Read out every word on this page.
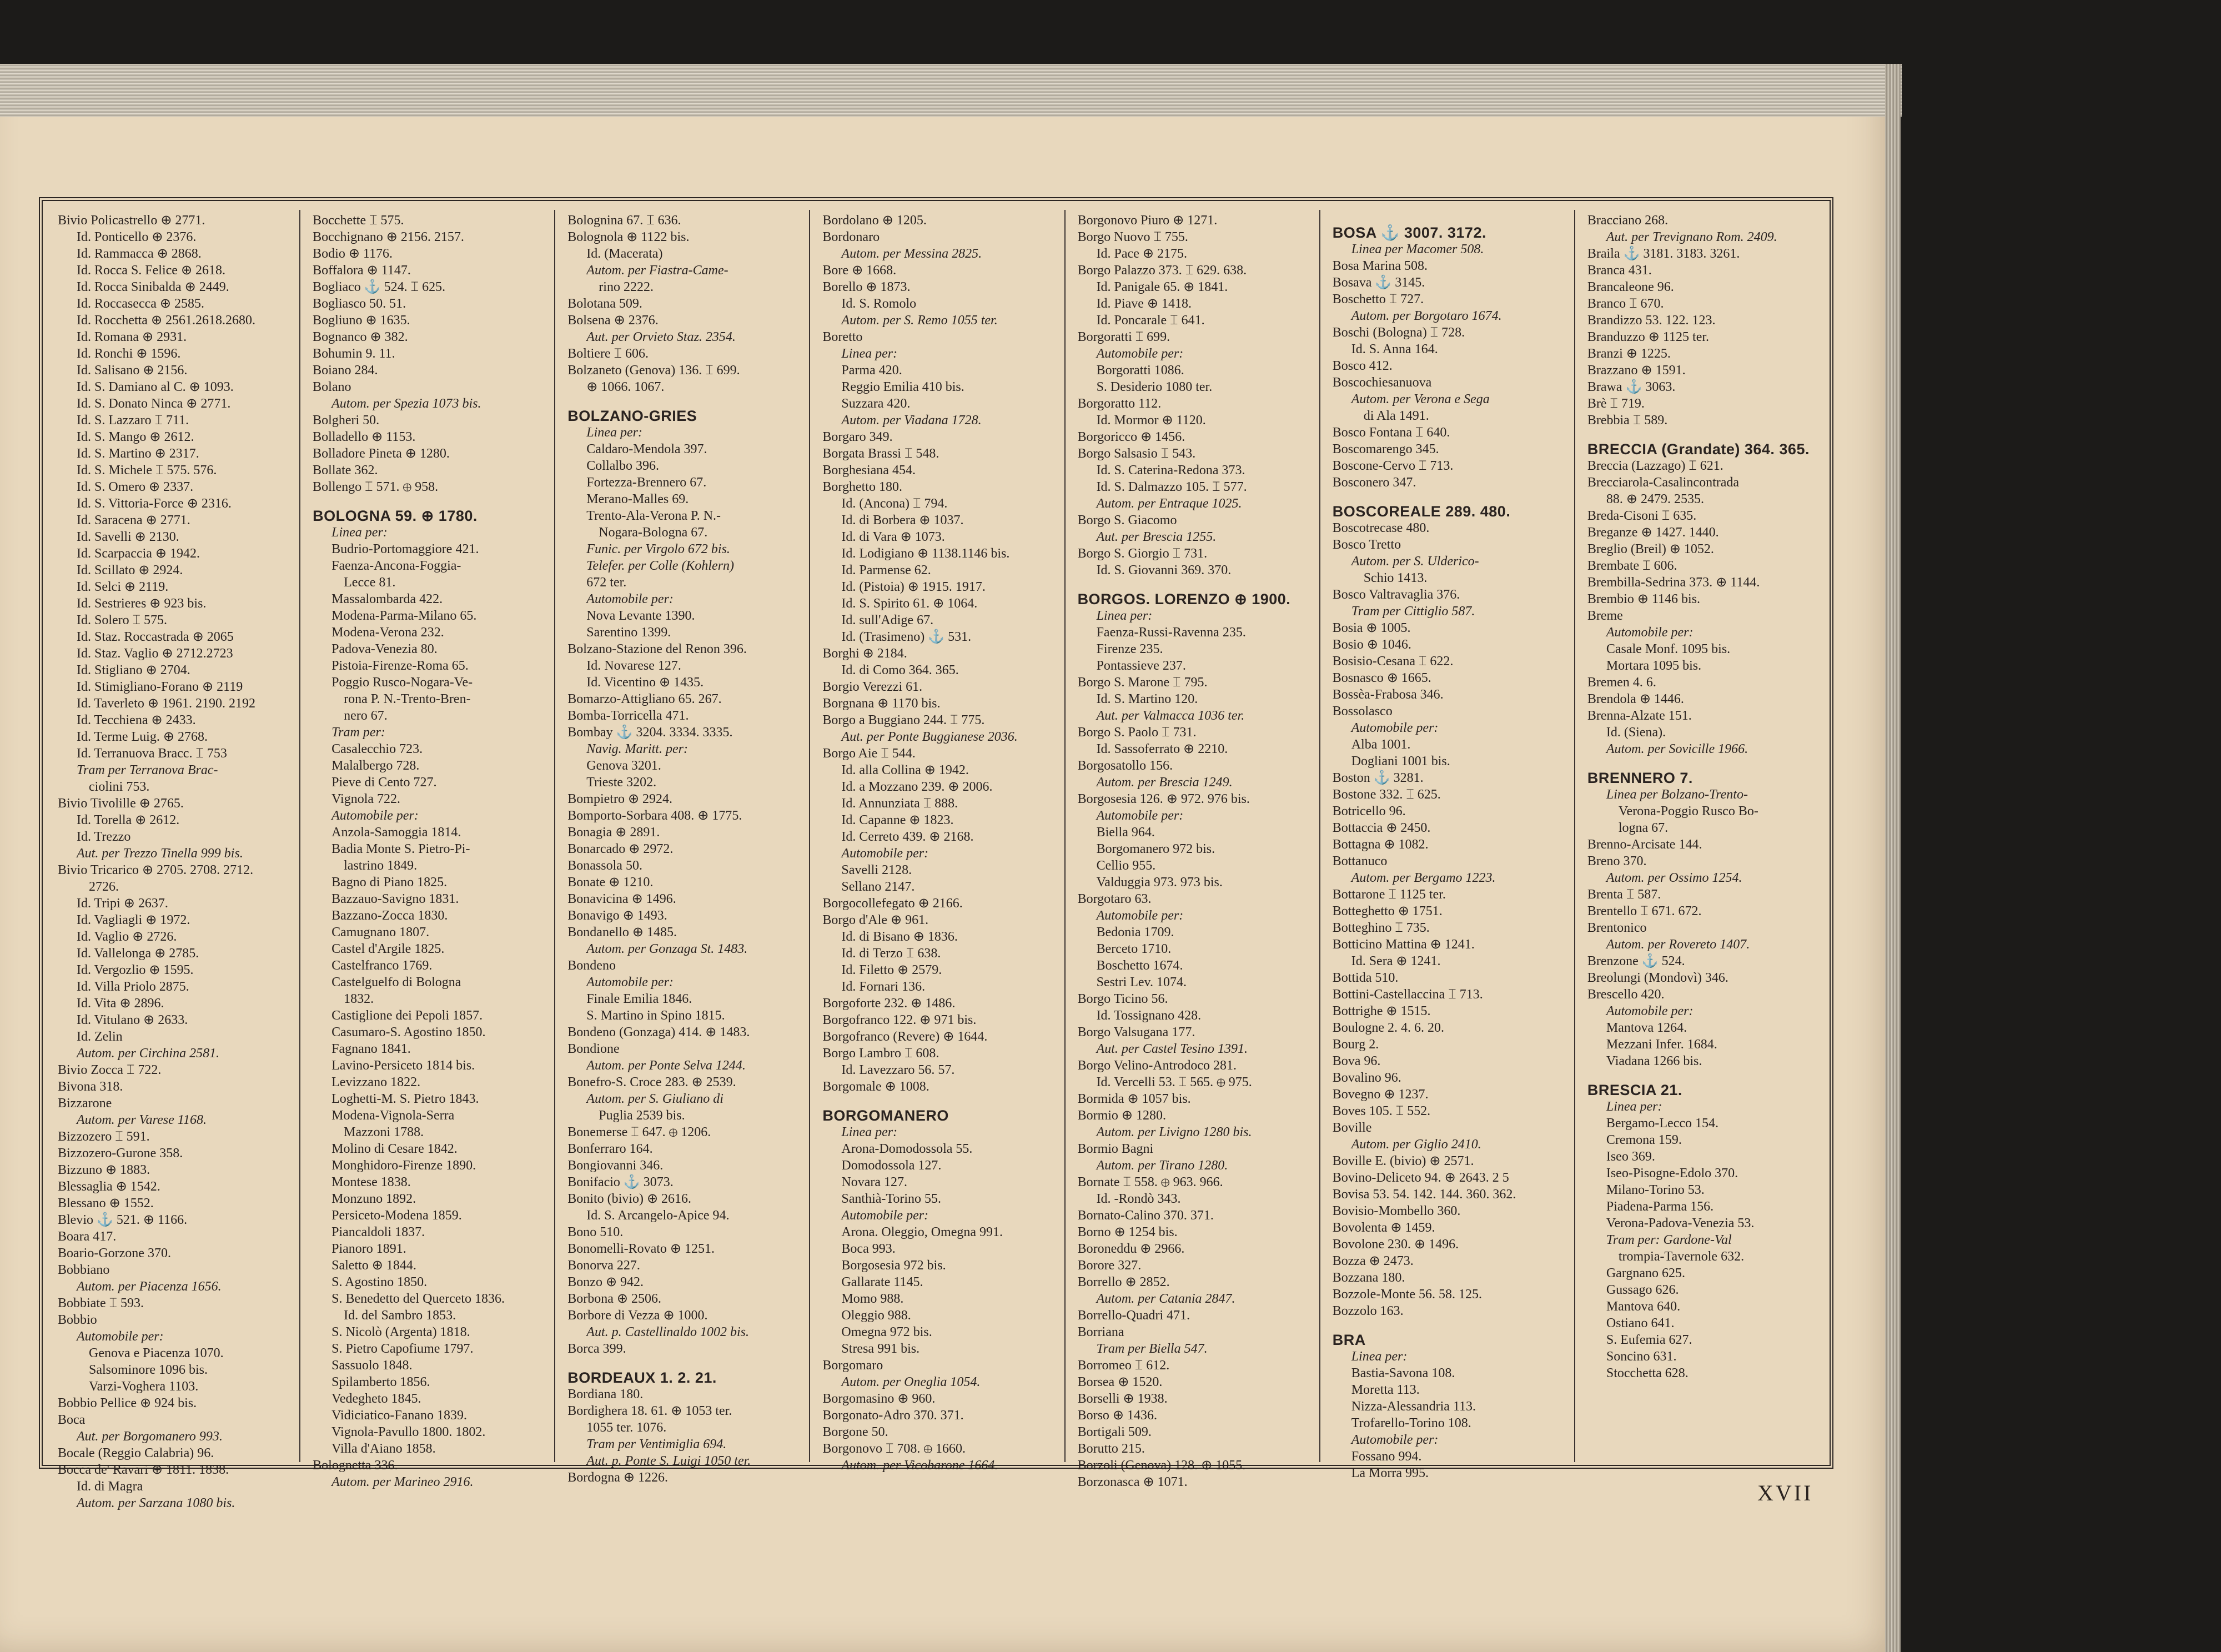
Bivio Policastrello ⊕ 2771.
Id. Ponticello ⊕ 2376.
Id. Rammacca ⊕ 2868.
Id. Rocca S. Felice ⊕ 2618.
Id. Rocca Sinibalda ⊕ 2449.
Id. Roccasecca ⊕ 2585.
Id. Rocchetta ⊕ 2561.2618.2680.
Id. Romana ⊕ 2931.
Id. Ronchi ⊕ 1596.
Id. Salisano ⊕ 2156.
Id. S. Damiano al C. ⊕ 1093.
Id. S. Donato Ninca ⊕ 2771.
Id. S. Lazzaro ⌶ 711.
Id. S. Mango ⊕ 2612.
Id. S. Martino ⊕ 2317.
Id. S. Michele ⌶ 575. 576.
Id. S. Omero ⊕ 2337.
Id. S. Vittoria-Force ⊕ 2316.
Id. Saracena ⊕ 2771.
Id. Savelli ⊕ 2130.
Id. Scarpaccia ⊕ 1942.
Id. Scillato ⊕ 2924.
Id. Selci ⊕ 2119.
Id. Sestrieres ⊕ 923 bis.
Id. Solero ⌶ 575.
Id. Staz. Roccastrada ⊕ 2065
Id. Staz. Vaglio ⊕ 2712.2723
Id. Stigliano ⊕ 2704.
Id. Stimigliano-Forano ⊕ 2119
Id. Taverleto ⊕ 1961. 2190. 2192
Id. Tecchiena ⊕ 2433.
Id. Terme Luig. ⊕ 2768.
Id. Terranuova Bracc. ⌶ 753
Tram per Terranova Brac-
ciolini 753.
Bivio Tivolille ⊕ 2765.
Id. Torella ⊕ 2612.
Id. Trezzo
Aut. per Trezzo Tinella 999 bis.
Bivio Tricarico ⊕ 2705. 2708. 2712.
2726.
Id. Tripi ⊕ 2637.
Id. Vagliagli ⊕ 1972.
Id. Vaglio ⊕ 2726.
Id. Vallelonga ⊕ 2785.
Id. Vergozlio ⊕ 1595.
Id. Villa Priolo 2875.
Id. Vita ⊕ 2896.
Id. Vitulano ⊕ 2633.
Id. Zelin
Autom. per Circhina 2581.
Bivio Zocca ⌶ 722.
Bivona 318.
Bizzarone
Autom. per Varese 1168.
Bizzozero ⌶ 591.
Bizzozero-Gurone 358.
Bizzuno ⊕ 1883.
Blessaglia ⊕ 1542.
Blessano ⊕ 1552.
Blevio ⚓ 521. ⊕ 1166.
Boara 417.
Boario-Gorzone 370.
Bobbiano
Autom. per Piacenza 1656.
Bobbiate ⌶ 593.
Bobbio
Automobile per:
Genova e Piacenza 1070.
Salsominore 1096 bis.
Varzi-Voghera 1103.
Bobbio Pellice ⊕ 924 bis.
Boca
Aut. per Borgomanero 993.
Bocale (Reggio Calabria) 96.
Bocca de' Ravari ⊕ 1811. 1838.
Id. di Magra
Autom. per Sarzana 1080 bis.
Bocchette ⌶ 575.
Bocchignano ⊕ 2156. 2157.
Bodio ⊕ 1176.
Boffalora ⊕ 1147.
Bogliaco ⚓ 524. ⌶ 625.
Bogliasco 50. 51.
Bogliuno ⊕ 1635.
Bognanco ⊕ 382.
Bohumin 9. 11.
Boiano 284.
Bolano
Autom. per Spezia 1073 bis.
Bolgheri 50.
Bolladello ⊕ 1153.
Bolladore Pineta ⊕ 1280.
Bollate 362.
Bollengo ⌶ 571. ⊕ 958.
BOLOGNA 59. ⊕ 1780.
Linea per:
Budrio-Portomaggiore 421.
Faenza-Ancona-Foggia-
Lecce 81.
Massalombarda 422.
Modena-Parma-Milano 65.
Modena-Verona 232.
Padova-Venezia 80.
Pistoia-Firenze-Roma 65.
Poggio Rusco-Nogara-Ve-
rona P. N.-Trento-Bren-
nero 67.
Tram per:
Casalecchio 723.
Malalbergo 728.
Pieve di Cento 727.
Vignola 722.
Automobile per:
Anzola-Samoggia 1814.
Badia Monte S. Pietro-Pi-
lastrino 1849.
Bagno di Piano 1825.
Bazzauo-Savigno 1831.
Bazzano-Zocca 1830.
Camugnano 1807.
Castel d'Argile 1825.
Castelfranco 1769.
Castelguelfo di Bologna
1832.
Castiglione dei Pepoli 1857.
Casumaro-S. Agostino 1850.
Fagnano 1841.
Lavino-Persiceto 1814 bis.
Levizzano 1822.
Loghetti-M. S. Pietro 1843.
Modena-Vignola-Serra
Mazzoni 1788.
Molino di Cesare 1842.
Monghidoro-Firenze 1890.
Montese 1838.
Monzuno 1892.
Persiceto-Modena 1859.
Piancaldoli 1837.
Pianoro 1891.
Saletto ⊕ 1844.
S. Agostino 1850.
S. Benedetto del Querceto 1836.
Id. del Sambro 1853.
S. Nicolò (Argenta) 1818.
S. Pietro Capofiume 1797.
Sassuolo 1848.
Spilamberto 1856.
Vedegheto 1845.
Vidiciatico-Fanano 1839.
Vignola-Pavullo 1800. 1802.
Villa d'Aiano 1858.
Bolognetta 336.
Autom. per Marineo 2916.
Bolognina 67. ⌶ 636.
Bolognola ⊕ 1122 bis.
Id. (Macerata)
Autom. per Fiastra-Came-
rino 2222.
Bolotana 509.
Bolsena ⊕ 2376.
Aut. per Orvieto Staz. 2354.
Boltiere ⌶ 606.
Bolzaneto (Genova) 136. ⌶ 699.
⊕ 1066. 1067.
BOLZANO-GRIES
Linea per:
Caldaro-Mendola 397.
Collalbo 396.
Fortezza-Brennero 67.
Merano-Malles 69.
Trento-Ala-Verona P. N.-
Nogara-Bologna 67.
Funic. per Virgolo 672 bis.
Telefer. per Colle (Kohlern)
672 ter.
Automobile per:
Nova Levante 1390.
Sarentino 1399.
Bolzano-Stazione del Renon 396.
Id. Novarese 127.
Id. Vicentino ⊕ 1435.
Bomarzo-Attigliano 65. 267.
Bomba-Torricella 471.
Bombay ⚓ 3204. 3334. 3335.
Navig. Maritt. per:
Genova 3201.
Trieste 3202.
Bompietro ⊕ 2924.
Bomporto-Sorbara 408. ⊕ 1775.
Bonagia ⊕ 2891.
Bonarcado ⊕ 2972.
Bonassola 50.
Bonate ⊕ 1210.
Bonavicina ⊕ 1496.
Bonavigo ⊕ 1493.
Bondanello ⊕ 1485.
Autom. per Gonzaga St. 1483.
Bondeno
Automobile per:
Finale Emilia 1846.
S. Martino in Spino 1815.
Bondeno (Gonzaga) 414. ⊕ 1483.
Bondione
Autom. per Ponte Selva 1244.
Bonefro-S. Croce 283. ⊕ 2539.
Autom. per S. Giuliano di
Puglia 2539 bis.
Bonemerse ⌶ 647. ⊕ 1206.
Bonferraro 164.
Bongiovanni 346.
Bonifacio ⚓ 3073.
Bonito (bivio) ⊕ 2616.
Id. S. Arcangelo-Apice 94.
Bono 510.
Bonomelli-Rovato ⊕ 1251.
Bonorva 227.
Bonzo ⊕ 942.
Borbona ⊕ 2506.
Borbore di Vezza ⊕ 1000.
Aut. p. Castellinaldo 1002 bis.
Borca 399.
BORDEAUX 1. 2. 21.
Bordiana 180.
Bordighera 18. 61. ⊕ 1053 ter.
1055 ter. 1076.
Tram per Ventimiglia 694.
Aut. p. Ponte S. Luigi 1050 ter.
Bordogna ⊕ 1226.
Bordolano ⊕ 1205.
Bordonaro
Autom. per Messina 2825.
Bore ⊕ 1668.
Borello ⊕ 1873.
Id. S. Romolo
Autom. per S. Remo 1055 ter.
Boretto
Linea per:
Parma 420.
Reggio Emilia 410 bis.
Suzzara 420.
Autom. per Viadana 1728.
Borgaro 349.
Borgata Brassi ⌶ 548.
Borghesiana 454.
Borghetto 180.
Id. (Ancona) ⌶ 794.
Id. di Borbera ⊕ 1037.
Id. di Vara ⊕ 1073.
Id. Lodigiano ⊕ 1138.1146 bis.
Id. Parmense 62.
Id. (Pistoia) ⊕ 1915. 1917.
Id. S. Spirito 61. ⊕ 1064.
Id. sull'Adige 67.
Id. (Trasimeno) ⚓ 531.
Borghi ⊕ 2184.
Id. di Como 364. 365.
Borgio Verezzi 61.
Borgnana ⊕ 1170 bis.
Borgo a Buggiano 244. ⌶ 775.
Aut. per Ponte Buggianese 2036.
Borgo Aie ⌶ 544.
Id. alla Collina ⊕ 1942.
Id. a Mozzano 239. ⊕ 2006.
Id. Annunziata ⌶ 888.
Id. Capanne ⊕ 1823.
Id. Cerreto 439. ⊕ 2168.
Automobile per:
Savelli 2128.
Sellano 2147.
Borgocollefegato ⊕ 2166.
Borgo d'Ale ⊕ 961.
Id. di Bisano ⊕ 1836.
Id. di Terzo ⌶ 638.
Id. Filetto ⊕ 2579.
Id. Fornari 136.
Borgoforte 232. ⊕ 1486.
Borgofranco 122. ⊕ 971 bis.
Borgofranco (Revere) ⊕ 1644.
Borgo Lambro ⌶ 608.
Id. Lavezzaro 56. 57.
Borgomale ⊕ 1008.
BORGOMANERO
Linea per:
Arona-Domodossola 55.
Domodossola 127.
Novara 127.
Santhià-Torino 55.
Automobile per:
Arona. Oleggio, Omegna 991.
Boca 993.
Borgosesia 972 bis.
Gallarate 1145.
Momo 988.
Oleggio 988.
Omegna 972 bis.
Stresa 991 bis.
Borgomaro
Autom. per Oneglia 1054.
Borgomasino ⊕ 960.
Borgonato-Adro 370. 371.
Borgone 50.
Borgonovo ⌶ 708. ⊕ 1660.
Autom. per Vicobarone 1664.
Borgonovo Piuro ⊕ 1271.
Borgo Nuovo ⌶ 755.
Id. Pace ⊕ 2175.
Borgo Palazzo 373. ⌶ 629. 638.
Id. Panigale 65. ⊕ 1841.
Id. Piave ⊕ 1418.
Id. Poncarale ⌶ 641.
Borgoratti ⌶ 699.
Automobile per:
Borgoratti 1086.
S. Desiderio 1080 ter.
Borgoratto 112.
Id. Mormor ⊕ 1120.
Borgoricco ⊕ 1456.
Borgo Salsasio ⌶ 543.
Id. S. Caterina-Redona 373.
Id. S. Dalmazzo 105. ⌶ 577.
Autom. per Entraque 1025.
Borgo S. Giacomo
Aut. per Brescia 1255.
Borgo S. Giorgio ⌶ 731.
Id. S. Giovanni 369. 370.
BORGOS. LORENZO ⊕ 1900.
Linea per:
Faenza-Russi-Ravenna 235.
Firenze 235.
Pontassieve 237.
Borgo S. Marone ⌶ 795.
Id. S. Martino 120.
Aut. per Valmacca 1036 ter.
Borgo S. Paolo ⌶ 731.
Id. Sassoferrato ⊕ 2210.
Borgosatollo 156.
Autom. per Brescia 1249.
Borgosesia 126. ⊕ 972. 976 bis.
Automobile per:
Biella 964.
Borgomanero 972 bis.
Cellio 955.
Valduggia 973. 973 bis.
Borgotaro 63.
Automobile per:
Bedonia 1709.
Berceto 1710.
Boschetto 1674.
Sestri Lev. 1074.
Borgo Ticino 56.
Id. Tossignano 428.
Borgo Valsugana 177.
Aut. per Castel Tesino 1391.
Borgo Velino-Antrodoco 281.
Id. Vercelli 53. ⌶ 565. ⊕ 975.
Bormida ⊕ 1057 bis.
Bormio ⊕ 1280.
Autom. per Livigno 1280 bis.
Bormio Bagni
Autom. per Tirano 1280.
Bornate ⌶ 558. ⊕ 963. 966.
Id. -Rondò 343.
Bornato-Calino 370. 371.
Borno ⊕ 1254 bis.
Boroneddu ⊕ 2966.
Borore 327.
Borrello ⊕ 2852.
Autom. per Catania 2847.
Borrello-Quadri 471.
Borriana
Tram per Biella 547.
Borromeo ⌶ 612.
Borsea ⊕ 1520.
Borselli ⊕ 1938.
Borso ⊕ 1436.
Bortigali 509.
Borutto 215.
Borzoli (Genova) 128. ⊕ 1055.
Borzonasca ⊕ 1071.
BOSA ⚓ 3007. 3172.
Linea per Macomer 508.
Bosa Marina 508.
Bosava ⚓ 3145.
Boschetto ⌶ 727.
Autom. per Borgotaro 1674.
Boschi (Bologna) ⌶ 728.
Id. S. Anna 164.
Bosco 412.
Boscochiesanuova
Autom. per Verona e Sega
di Ala 1491.
Bosco Fontana ⌶ 640.
Boscomarengo 345.
Boscone-Cervo ⌶ 713.
Bosconero 347.
BOSCOREALE 289. 480.
Boscotrecase 480.
Bosco Tretto
Autom. per S. Ulderico-
Schio 1413.
Bosco Valtravaglia 376.
Tram per Cittiglio 587.
Bosia ⊕ 1005.
Bosio ⊕ 1046.
Bosisio-Cesana ⌶ 622.
Bosnasco ⊕ 1665.
Bossèa-Frabosa 346.
Bossolasco
Automobile per:
Alba 1001.
Dogliani 1001 bis.
Boston ⚓ 3281.
Bostone 332. ⌶ 625.
Botricello 96.
Bottaccia ⊕ 2450.
Bottagna ⊕ 1082.
Bottanuco
Autom. per Bergamo 1223.
Bottarone ⌶ 1125 ter.
Botteghetto ⊕ 1751.
Botteghino ⌶ 735.
Botticino Mattina ⊕ 1241.
Id. Sera ⊕ 1241.
Bottida 510.
Bottini-Castellaccina ⌶ 713.
Bottrighe ⊕ 1515.
Boulogne 2. 4. 6. 20.
Bourg 2.
Bova 96.
Bovalino 96.
Bovegno ⊕ 1237.
Boves 105. ⌶ 552.
Boville
Autom. per Giglio 2410.
Boville E. (bivio) ⊕ 2571.
Bovino-Deliceto 94. ⊕ 2643. 2 5
Bovisa 53. 54. 142. 144. 360. 362.
Bovisio-Mombello 360.
Bovolenta ⊕ 1459.
Bovolone 230. ⊕ 1496.
Bozza ⊕ 2473.
Bozzana 180.
Bozzole-Monte 56. 58. 125.
Bozzolo 163.
BRA
Linea per:
Bastia-Savona 108.
Moretta 113.
Nizza-Alessandria 113.
Trofarello-Torino 108.
Automobile per:
Fossano 994.
La Morra 995.
Bracciano 268.
Aut. per Trevignano Rom. 2409.
Braila ⚓ 3181. 3183. 3261.
Branca 431.
Brancaleone 96.
Branco ⌶ 670.
Brandizzo 53. 122. 123.
Branduzzo ⊕ 1125 ter.
Branzi ⊕ 1225.
Brazzano ⊕ 1591.
Brawa ⚓ 3063.
Brè ⌶ 719.
Brebbia ⌶ 589.
BRECCIA (Grandate) 364. 365.
Breccia (Lazzago) ⌶ 621.
Brecciarola-Casalincontrada
88. ⊕ 2479. 2535.
Breda-Cisoni ⌶ 635.
Breganze ⊕ 1427. 1440.
Breglio (Breil) ⊕ 1052.
Brembate ⌶ 606.
Brembilla-Sedrina 373. ⊕ 1144.
Brembio ⊕ 1146 bis.
Breme
Automobile per:
Casale Monf. 1095 bis.
Mortara 1095 bis.
Bremen 4. 6.
Brendola ⊕ 1446.
Brenna-Alzate 151.
Id. (Siena).
Autom. per Sovicille 1966.
BRENNERO 7.
Linea per Bolzano-Trento-
Verona-Poggio Rusco Bo-
logna 67.
Brenno-Arcisate 144.
Breno 370.
Autom. per Ossimo 1254.
Brenta ⌶ 587.
Brentello ⌶ 671. 672.
Brentonico
Autom. per Rovereto 1407.
Brenzone ⚓ 524.
Breolungi (Mondovì) 346.
Brescello 420.
Automobile per:
Mantova 1264.
Mezzani Infer. 1684.
Viadana 1266 bis.
BRESCIA 21.
Linea per:
Bergamo-Lecco 154.
Cremona 159.
Iseo 369.
Iseo-Pisogne-Edolo 370.
Milano-Torino 53.
Piadena-Parma 156.
Verona-Padova-Venezia 53.
Tram per: Gardone-Val
trompia-Tavernole 632.
Gargnano 625.
Gussago 626.
Mantova 640.
Ostiano 641.
S. Eufemia 627.
Soncino 631.
Stocchetta 628.
XVII
